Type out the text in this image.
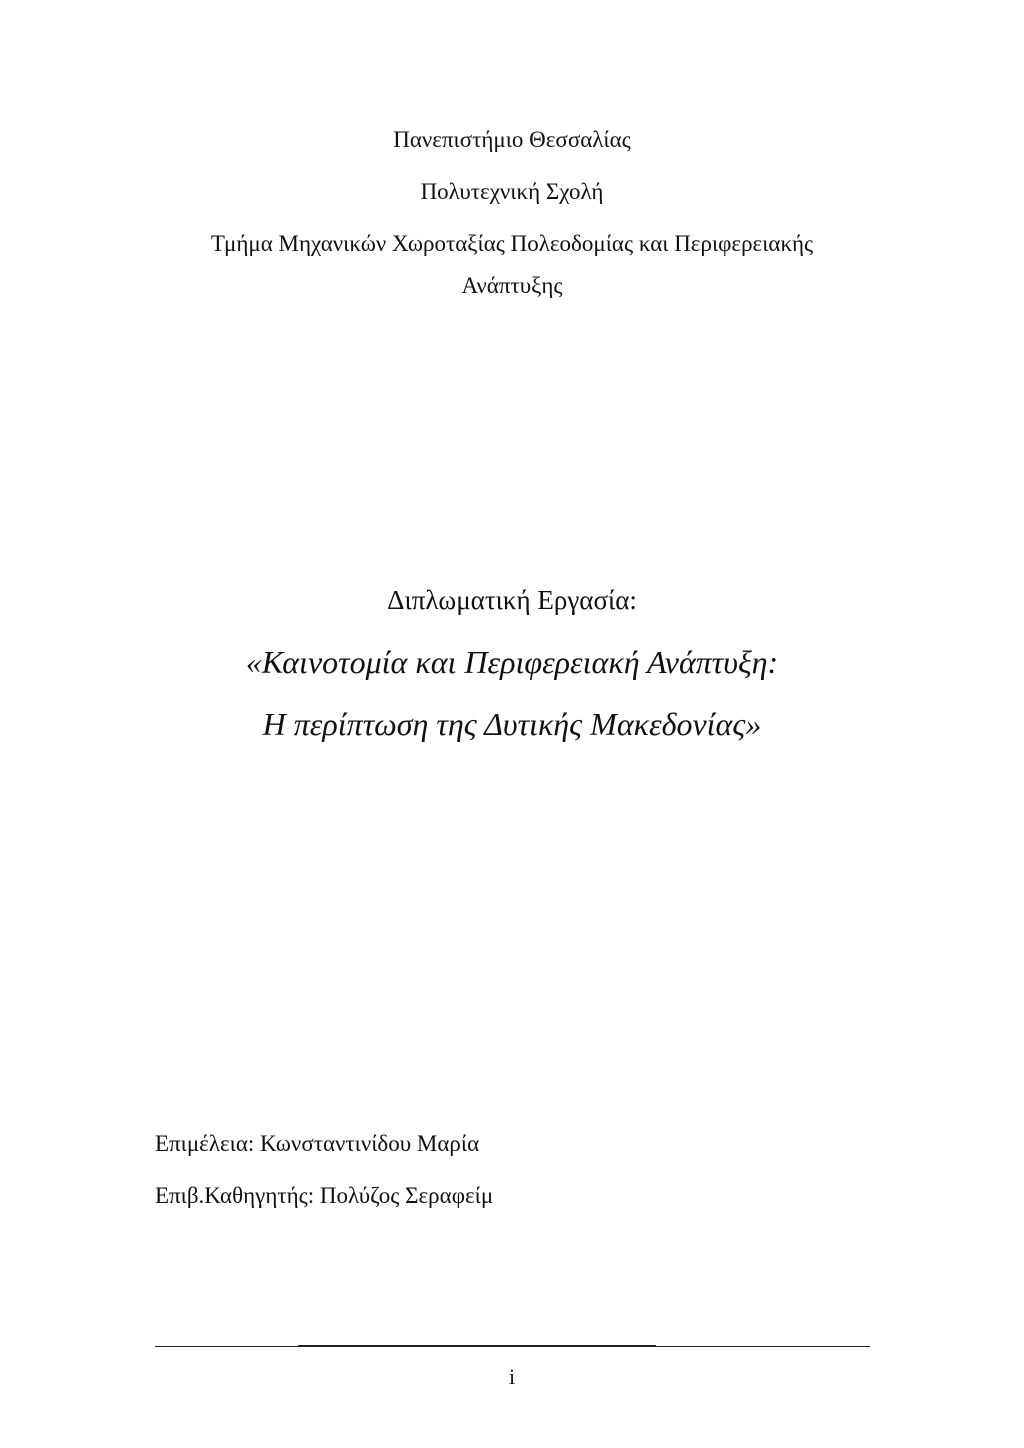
Πανεπιστήμιο Θεσσαλίας
Πολυτεχνική Σχολή
Τμήμα Μηχανικών Χωροταξίας Πολεοδομίας και Περιφερειακής
Ανάπτυξης
Διπλωματική Εργασία:
«Καινοτομία και Περιφερειακή Ανάπτυξη:
Η περίπτωση της Δυτικής Μακεδονίας»
Επιμέλεια: Κωνσταντινίδου Μαρία
Επιβ.Καθηγητής: Πολύζος Σεραφείμ
i
